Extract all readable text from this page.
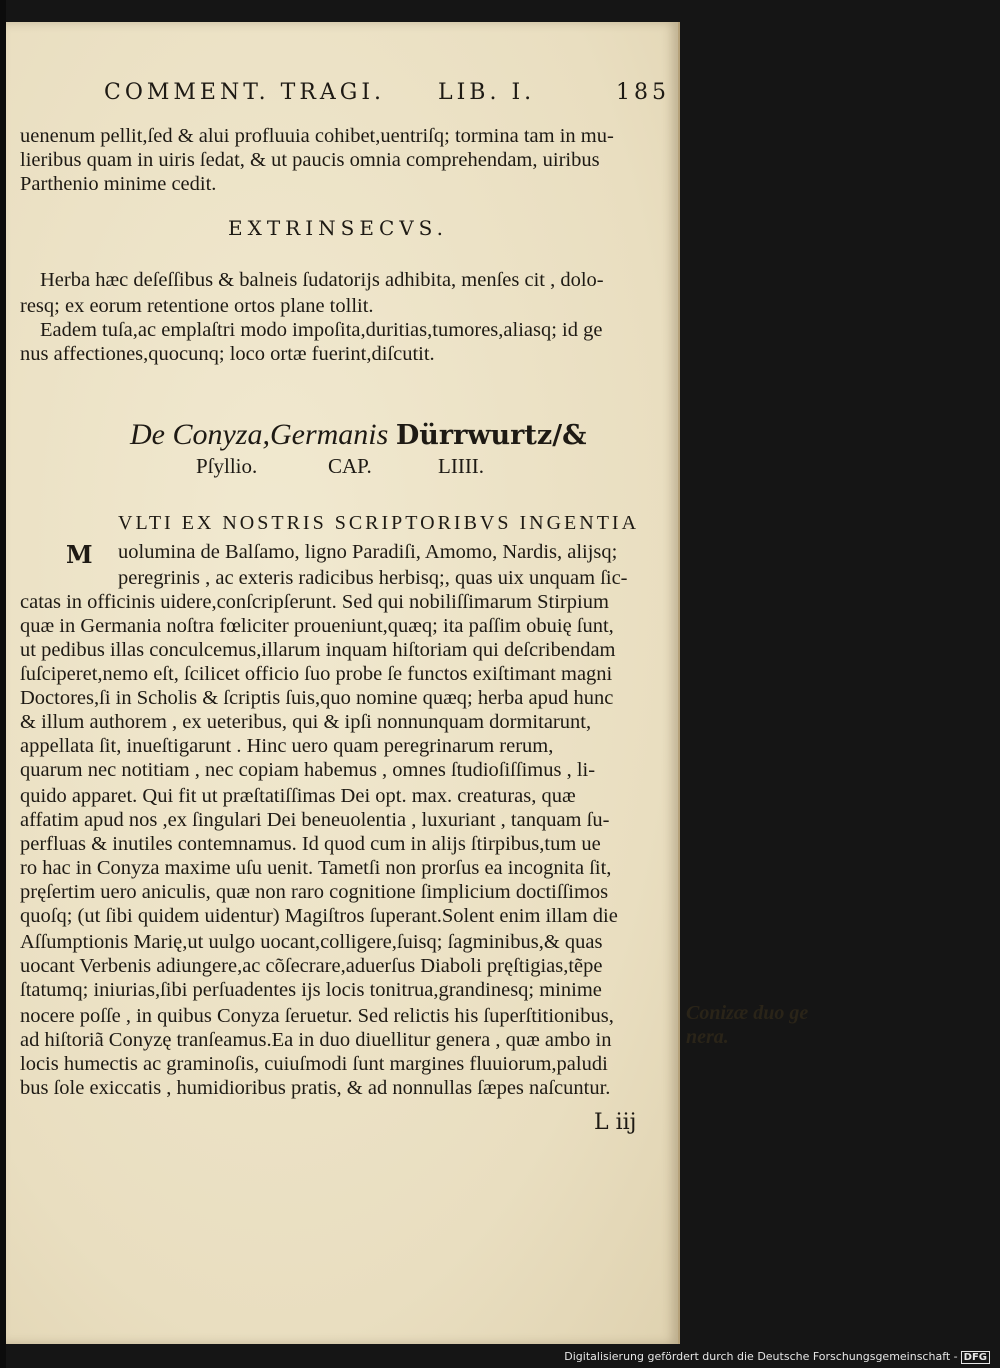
COMMENT. TRAGI. LIB. I.	185
uenenum pellit,ſed & alui profluuia cohibet,uentriſq; tormina tam in mu-
lieribus quam in uiris ſedat, & ut paucis omnia comprehendam, uiribus
Parthenio minime cedit.
EXTRINSECVS.
Herba hæc deſeſſibus & balneis ſudatorijs adhibita, menſes cit , dolo-
resq; ex eorum retentione ortos plane tollit.
Eadem tuſa,ac emplaſtri modo impoſita,duritias,tumores,aliasq; id ge
nus affectiones,quocunq; loco ortæ fuerint,diſcutit.
De Conyza,Germanis Dürrwurtz/&
Pſyllio.	CAP.	LIIII.
VLTI EX NOSTRIS SCRIPTORIBVS INGENTIA
M uolumina de Balſamo, ligno Paradiſi, Amomo, Nardis, alijsq;
peregrinis , ac exteris radicibus herbisq;, quas uix unquam ſic-
catas in officinis uidere,conſcripſerunt. Sed qui nobiliſſimarum Stirpium
quæ in Germania noſtra fœliciter proueniunt,quæq; ita paſſim obuię ſunt,
ut pedibus illas conculcemus,illarum inquam hiſtoriam qui deſcribendam
ſuſciperet,nemo eſt, ſcilicet officio ſuo probe ſe functos exiſtimant magni
Doctores,ſi in Scholis & ſcriptis ſuis,quo nomine quæq; herba apud hunc
& illum authorem , ex ueteribus, qui & ipſi nonnunquam dormitarunt,
appellata ſit, inueſtigarunt . Hinc uero quam peregrinarum rerum,
quarum nec notitiam , nec copiam habemus , omnes ſtudioſiſſimus , li-
quido apparet. Qui fit ut præſtatiſſimas Dei opt. max. creaturas, quæ
affatim apud nos ,ex ſingulari Dei beneuolentia , luxuriant , tanquam ſu-
perfluas & inutiles contemnamus. Id quod cum in alijs ſtirpibus,tum ue
ro hac in Conyza maxime uſu uenit. Tametſi non prorſus ea incognita ſit,
pręſertim uero aniculis, quæ non raro cognitione ſimplicium doctiſſimos
quoſq; (ut ſibi quidem uidentur) Magiſtros ſuperant.Solent enim illam die
Aſſumptionis Marię,ut uulgo uocant,colligere,ſuisq; ſagminibus,& quas
uocant Verbenis adiungere,ac cõſecrare,aduerſus Diaboli pręſtigias,tẽpe
ſtatumq; iniurias,ſibi perſuadentes ijs locis tonitrua,grandinesq; minime
nocere poſſe , in quibus Conyza ſeruetur. Sed relictis his ſuperſtitionibus,
ad hiſtoriã Conyzę tranſeamus.Ea in duo diuellitur genera , quæ ambo in
locis humectis ac graminoſis, cuiuſmodi ſunt margines fluuiorum,paludi
bus ſole exiccatis , humidioribus pratis, & ad nonnullas ſæpes naſcuntur.
Conizæ duo ge
nera.
L iij
Digitalisierung gefördert durch die Deutsche Forschungsgemeinschaft - DFG
